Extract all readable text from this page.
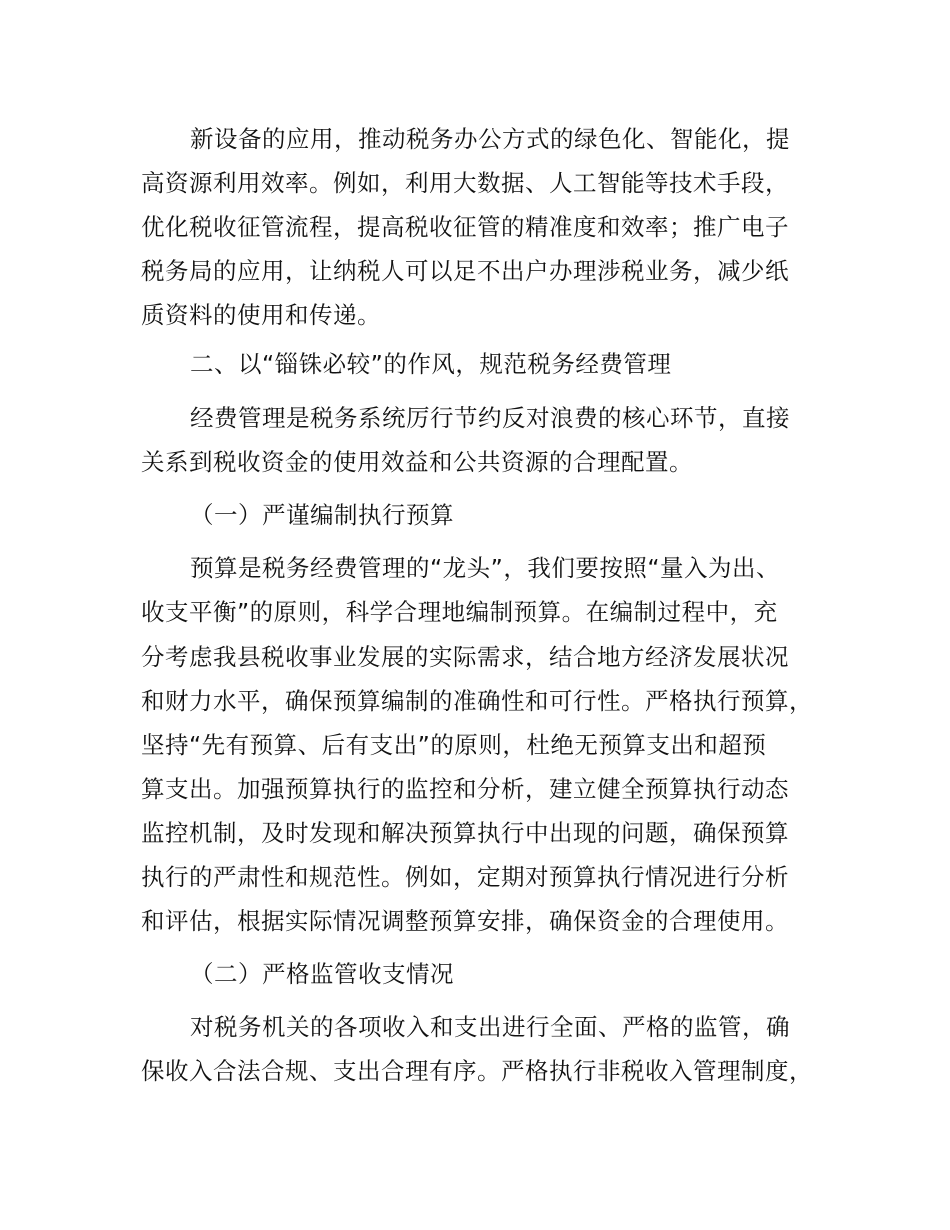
新设备的应用，推动税务办公方式的绿色化、智能化，提
高资源利用效率。例如，利用大数据、人工智能等技术手段，
优化税收征管流程，提高税收征管的精准度和效率；推广电子
税务局的应用，让纳税人可以足不出户办理涉税业务，减少纸
质资料的使用和传递。
二、以“锱铢必较”的作风，规范税务经费管理
经费管理是税务系统厉行节约反对浪费的核心环节，直接
关系到税收资金的使用效益和公共资源的合理配置。
（一）严谨编制执行预算
预算是税务经费管理的“龙头”，我们要按照“量入为出、
收支平衡”的原则，科学合理地编制预算。在编制过程中，充
分考虑我县税收事业发展的实际需求，结合地方经济发展状况
和财力水平，确保预算编制的准确性和可行性。严格执行预算，
坚持“先有预算、后有支出”的原则，杜绝无预算支出和超预
算支出。加强预算执行的监控和分析，建立健全预算执行动态
监控机制，及时发现和解决预算执行中出现的问题，确保预算
执行的严肃性和规范性。例如，定期对预算执行情况进行分析
和评估，根据实际情况调整预算安排，确保资金的合理使用。
（二）严格监管收支情况
对税务机关的各项收入和支出进行全面、严格的监管，确
保收入合法合规、支出合理有序。严格执行非税收入管理制度，
